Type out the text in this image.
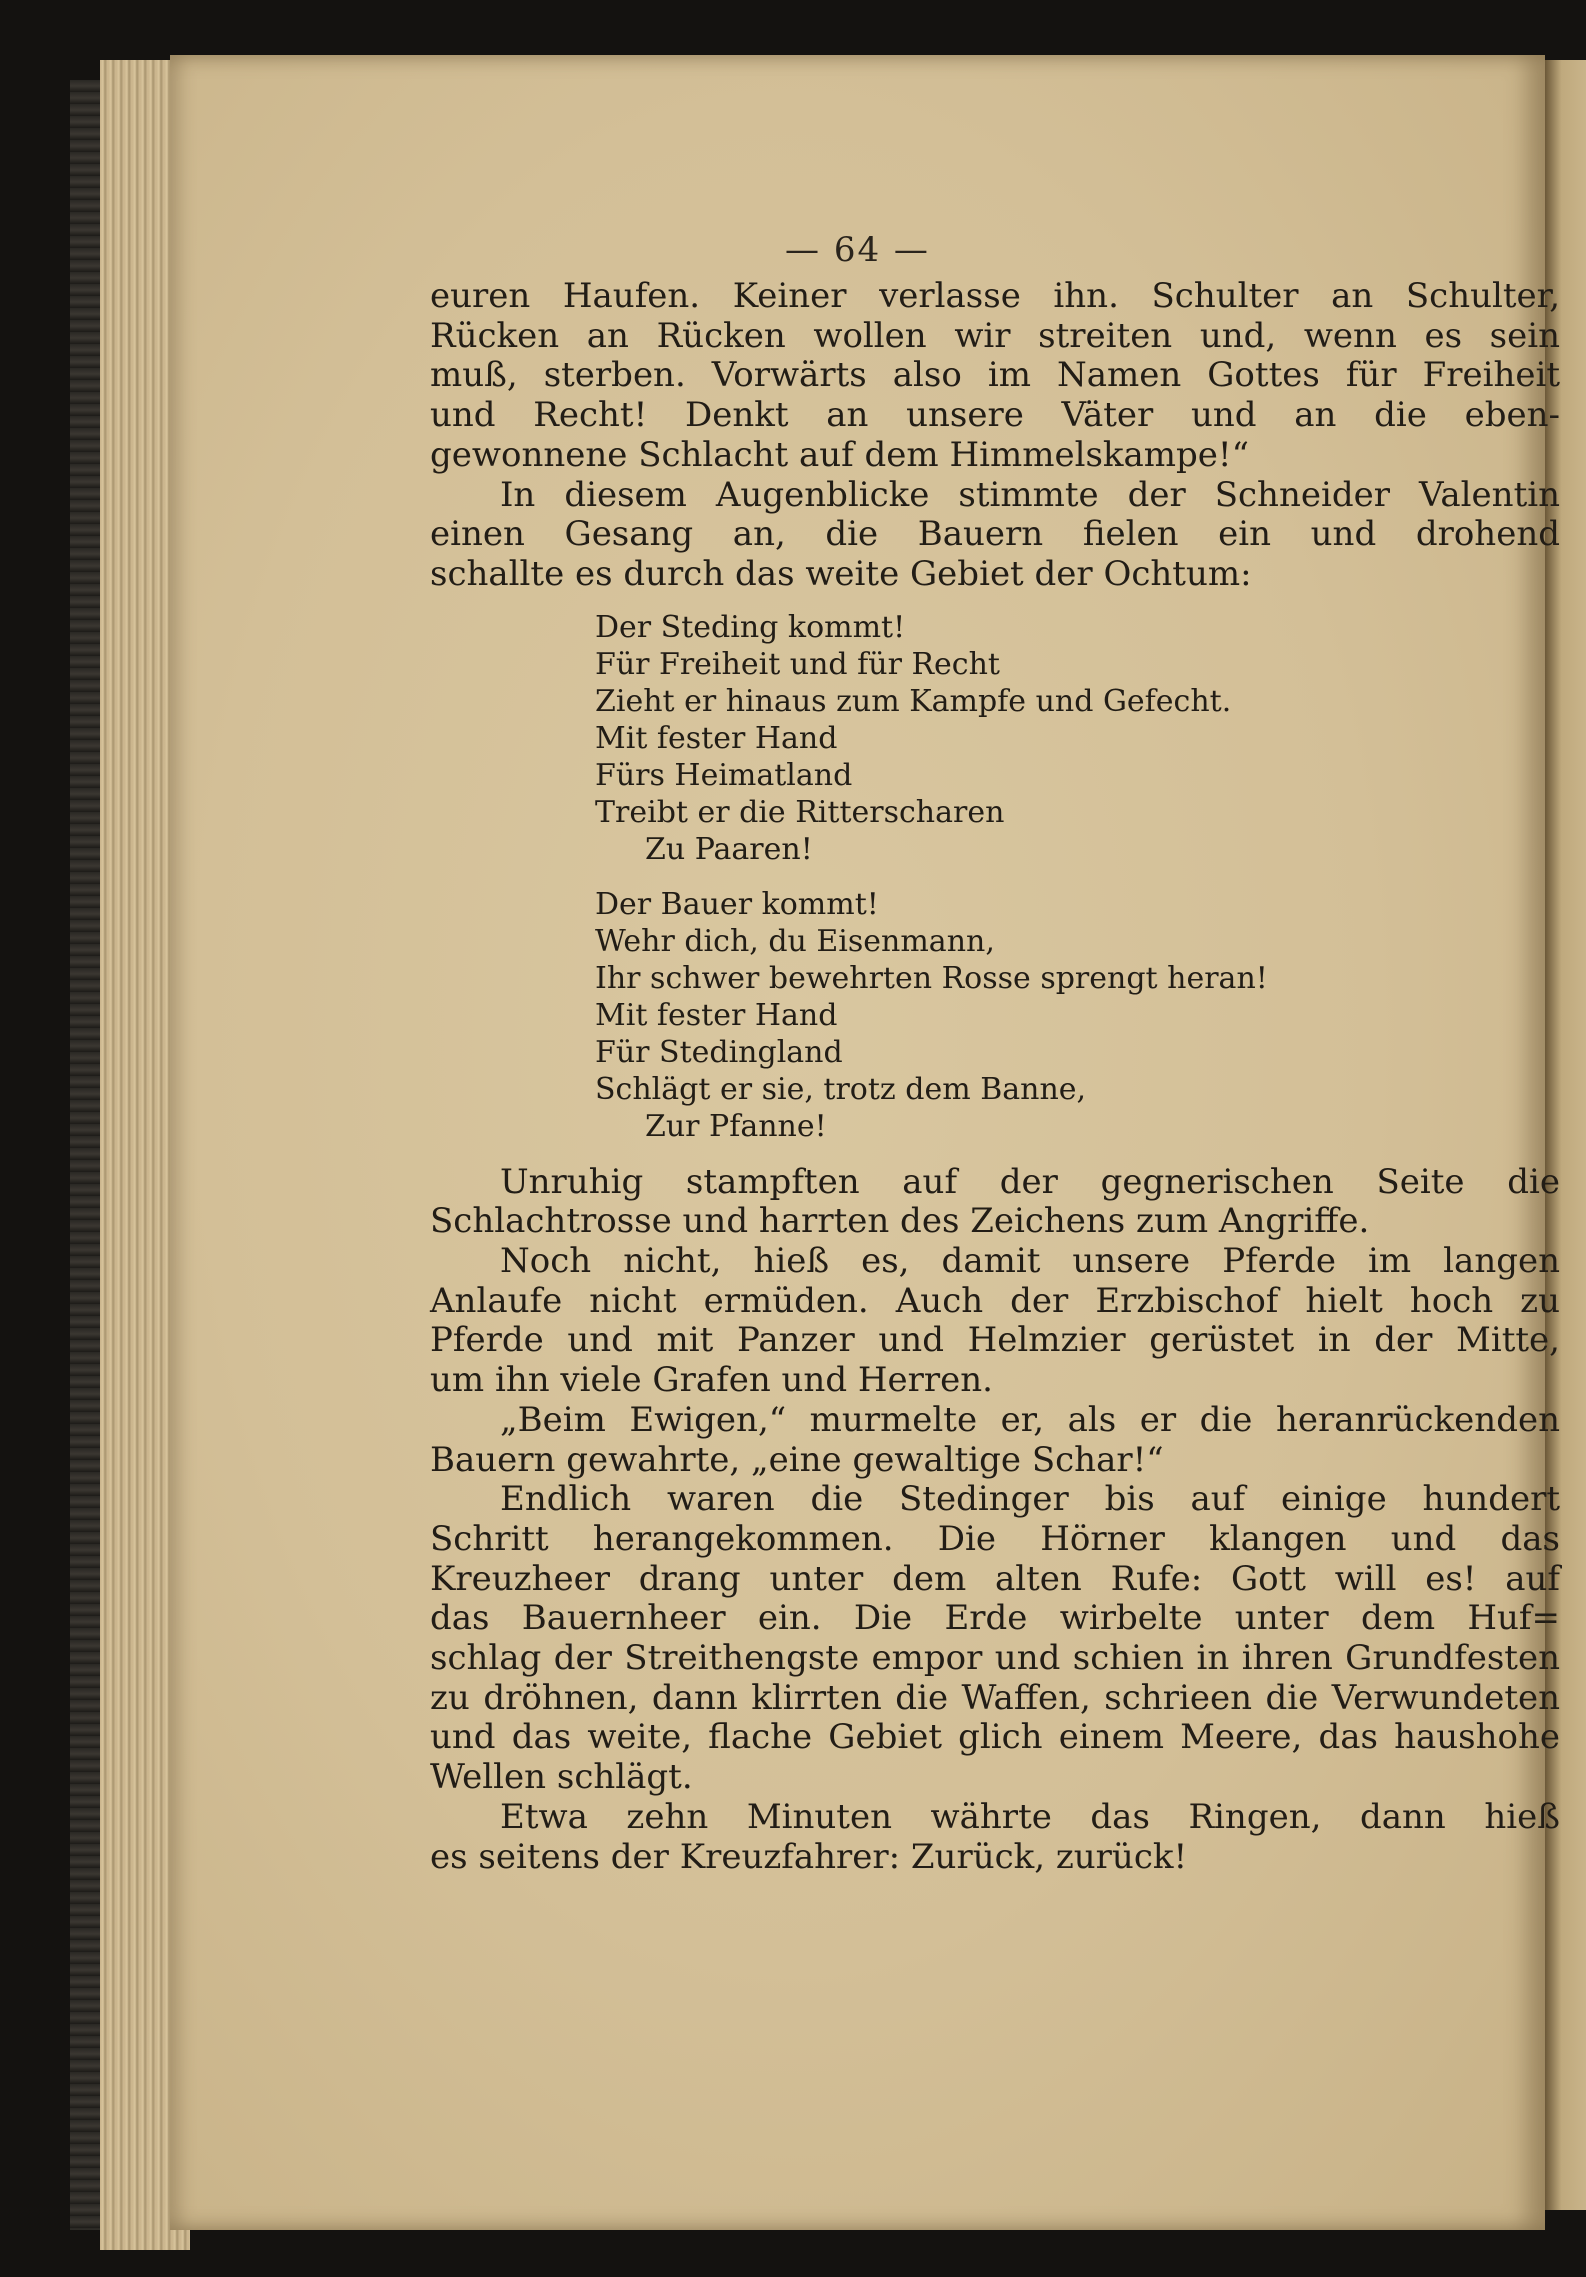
— 64 —

euren Haufen. Keiner verlasse ihn. Schulter an Schulter,

Rücken an Rücken wollen wir streiten und, wenn es sein

muß, sterben. Vorwärts also im Namen Gottes für Freiheit

und Recht! Denkt an unsere Väter und an die eben-

gewonnene Schlacht auf dem Himmelskampe!“

In diesem Augenblicke stimmte der Schneider Valentin

einen Gesang an, die Bauern fielen ein und drohend

schallte es durch das weite Gebiet der Ochtum:

Der Steding kommt!
Für Freiheit und für Recht
Zieht er hinaus zum Kampfe und Gefecht.
Mit fester Hand
Fürs Heimatland
Treibt er die Ritterscharen
Zu Paaren!
Der Bauer kommt!
Wehr dich, du Eisenmann,
Ihr schwer bewehrten Rosse sprengt heran!
Mit fester Hand
Für Stedingland
Schlägt er sie, trotz dem Banne,
Zur Pfanne!

Unruhig stampften auf der gegnerischen Seite die

Schlachtrosse und harrten des Zeichens zum Angriffe.

Noch nicht, hieß es, damit unsere Pferde im langen

Anlaufe nicht ermüden. Auch der Erzbischof hielt hoch zu

Pferde und mit Panzer und Helmzier gerüstet in der Mitte,

um ihn viele Grafen und Herren.

„Beim Ewigen,“ murmelte er, als er die heranrückenden

Bauern gewahrte, „eine gewaltige Schar!“

Endlich waren die Stedinger bis auf einige hundert

Schritt herangekommen. Die Hörner klangen und das

Kreuzheer drang unter dem alten Rufe: Gott will es! auf

das Bauernheer ein. Die Erde wirbelte unter dem Huf=

schlag der Streithengste empor und schien in ihren Grundfesten

zu dröhnen, dann klirrten die Waffen, schrieen die Verwundeten

und das weite, flache Gebiet glich einem Meere, das haushohe

Wellen schlägt.

Etwa zehn Minuten währte das Ringen, dann hieß

es seitens der Kreuzfahrer: Zurück, zurück!
